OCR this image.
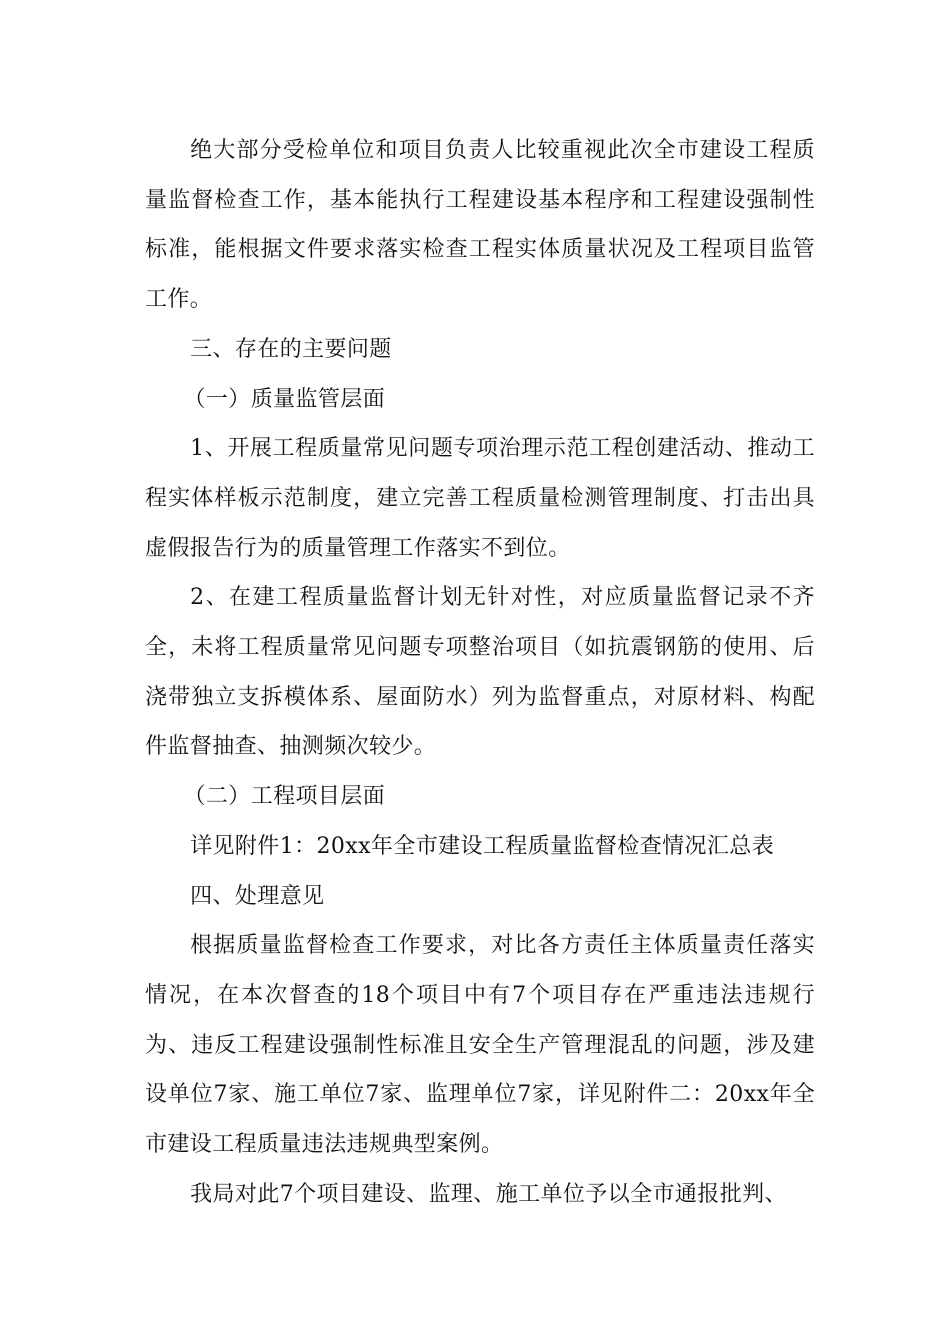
绝大部分受检单位和项目负责人比较重视此次全市建设工程质量监督检查工作，基本能执行工程建设基本程序和工程建设强制性标准，能根据文件要求落实检查工程实体质量状况及工程项目监管工作。

三、存在的主要问题

（一）质量监管层面

1、开展工程质量常见问题专项治理示范工程创建活动、推动工程实体样板示范制度，建立完善工程质量检测管理制度、打击出具虚假报告行为的质量管理工作落实不到位。

2、在建工程质量监督计划无针对性，对应质量监督记录不齐全，未将工程质量常见问题专项整治项目（如抗震钢筋的使用、后浇带独立支拆模体系、屋面防水）列为监督重点，对原材料、构配件监督抽查、抽测频次较少。

（二）工程项目层面

详见附件1：20xx年全市建设工程质量监督检查情况汇总表

四、处理意见

根据质量监督检查工作要求，对比各方责任主体质量责任落实情况，在本次督查的18个项目中有7个项目存在严重违法违规行为、违反工程建设强制性标准且安全生产管理混乱的问题，涉及建设单位7家、施工单位7家、监理单位7家，详见附件二：20xx年全市建设工程质量违法违规典型案例。

我局对此7个项目建设、监理、施工单位予以全市通报批判、
